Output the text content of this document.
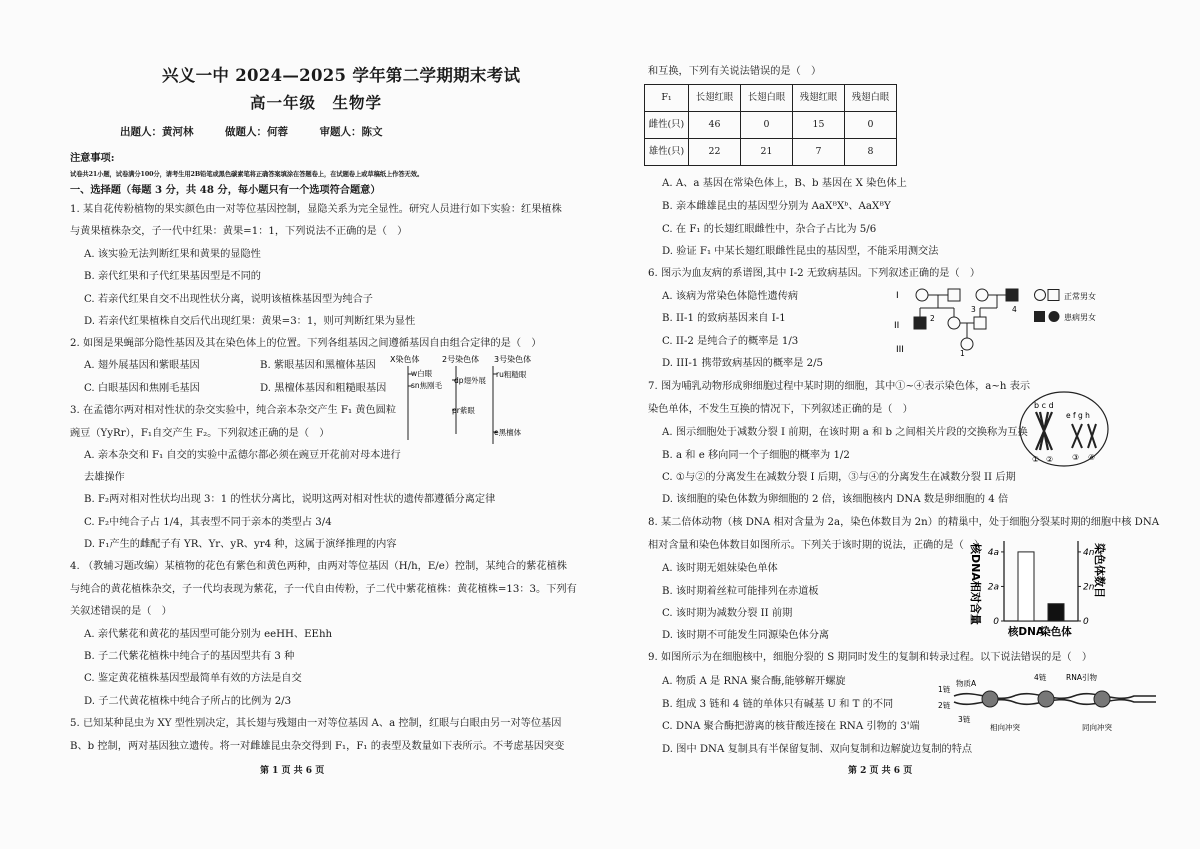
兴义一中 2024—2025 学年第二学期期末考试
高一年级　生物学
出题人：黄河林　　　做题人：何蓉　　　审题人：陈文
注意事项:
试卷共21小题，试卷满分100分，请考生用2B铅笔或黑色碳素笔将正确答案填涂在答题卷上，在试题卷上或草稿纸上作答无效。
一、选择题（每题 3 分，共 48 分，每小题只有一个选项符合题意）
1. 某自花传粉植物的果实颜色由一对等位基因控制，显隐关系为完全显性。研究人员进行如下实验：红果植株
与黄果植株杂交，子一代中红果：黄果=1：1，下列说法不正确的是（　）
A. 该实验无法判断红果和黄果的显隐性
B. 亲代红果和子代红果基因型是不同的
C. 若亲代红果自交不出现性状分离，说明该植株基因型为纯合子
D. 若亲代红果植株自交后代出现红果：黄果=3：1，则可判断红果为显性
2. 如图是果蝇部分隐性基因及其在染色体上的位置。下列各组基因之间遵循基因自由组合定律的是（　）
A. 翅外展基因和紫眼基因	B. 紫眼基因和黑檀体基因
C. 白眼基因和焦刚毛基因	D. 黑檀体基因和粗糙眼基因
X染色体	2号染色体 3号染色体
w白眼
sn焦刚毛
dp翅外展
pr紫眼
ru粗糙眼
e黑檀体
3. 在孟德尔两对相对性状的杂交实验中，纯合亲本杂交产生 F₁ 黄色圆粒
豌豆（YyRr），F₁自交产生 F₂。下列叙述正确的是（　）
A. 亲本杂交和 F₁ 自交的实验中孟德尔都必须在豌豆开花前对母本进行
去雄操作
B. F₂两对相对性状均出现 3：1 的性状分离比，说明这两对相对性状的遗传都遵循分离定律
C. F₂中纯合子占 1/4，其表型不同于亲本的类型占 3/4
D. F₁产生的雌配子有 YR、Yr、yR、yr4 种，这属于演绎推理的内容
4. （教辅习题改编）某植物的花色有紫色和黄色两种，由两对等位基因（H/h，E/e）控制，某纯合的紫花植株
与纯合的黄花植株杂交，子一代均表现为紫花，子一代自由传粉，子二代中紫花植株：黄花植株=13：3。下列有
关叙述错误的是（　）
A. 亲代紫花和黄花的基因型可能分别为 eeHH、EEhh
B. 子二代紫花植株中纯合子的基因型共有 3 种
C. 鉴定黄花植株基因型最简单有效的方法是自交
D. 子二代黄花植株中纯合子所占的比例为 2/3
5. 已知某种昆虫为 XY 型性别决定，其长翅与残翅由一对等位基因 A、a 控制，红眼与白眼由另一对等位基因
B、b 控制，两对基因独立遗传。将一对雌雄昆虫杂交得到 F₁，F₁ 的表型及数量如下表所示。不考虑基因突变
第 1 页 共 6 页
和互换，下列有关说法错误的是（　）
F₁	长翅红眼	长翅白眼	残翅红眼	残翅白眼
雌性(只)	46	0	15	0
雄性(只)	22	21	7	8
A. A、a 基因在常染色体上，B、b 基因在 X 染色体上
B. 亲本雌雄昆虫的基因型分别为 AaXᴮXᵇ、AaXᴮY
C. 在 F₁ 的长翅红眼雌性中，杂合子占比为 5/6
D. 验证 F₁ 中某长翅红眼雌性昆虫的基因型，不能采用测交法
6. 图示为血友病的系谱图,其中 I-2 无致病基因。下列叙述正确的是（　）
A. 该病为常染色体隐性遗传病
B. II-1 的致病基因来自 I-1
C. II-2 是纯合子的概率是 1/3
D. III-1 携带致病基因的概率是 2/5
I
II
III
2
4
3
1
正常男女
患病男女
7. 图为哺乳动物形成卵细胞过程中某时期的细胞，其中①~④表示染色体，a~h 表示
染色单体，不发生互换的情况下，下列叙述正确的是（　）
A. 图示细胞处于减数分裂 I 前期，在该时期 a 和 b 之间相关片段的交换称为互换
B. a 和 e 移向同一个子细胞的概率为 1/2
C. ①与②的分离发生在减数分裂 I 后期，③与④的分离发生在减数分裂 II 后期
D. 该细胞的染色体数为卵细胞的 2 倍，该细胞核内 DNA 数是卵细胞的 4 倍
b c d
e f g h
① ② ③ ④
8. 某二倍体动物（核 DNA 相对含量为 2a，染色体数目为 2n）的精巢中，处于细胞分裂某时期的细胞中核 DNA
相对含量和染色体数目如图所示。下列关于该时期的说法，正确的是（　）
A. 该时期无姐妹染色单体
B. 该时期着丝粒可能排列在赤道板
C. 该时期为减数分裂 II 前期
D. 该时期不可能发生同源染色体分离
核DNA相对含量	染色体数目
4a	4n
2a	2n
0	0
核DNA
染色体
9. 如图所示为在细胞核中，细胞分裂的 S 期同时发生的复制和转录过程。以下说法错误的是（　）
A. 物质 A 是 RNA 聚合酶,能够解开螺旋
B. 组成 3 链和 4 链的单体只有碱基 U 和 T 的不同
C. DNA 聚合酶把游离的核苷酸连接在 RNA 引物的 3'端
D. 图中 DNA 复制具有半保留复制、双向复制和边解旋边复制的特点
物质A
4链	RNA引物
1链
2链
3链
相向冲突	同向冲突
第 2 页 共 6 页
